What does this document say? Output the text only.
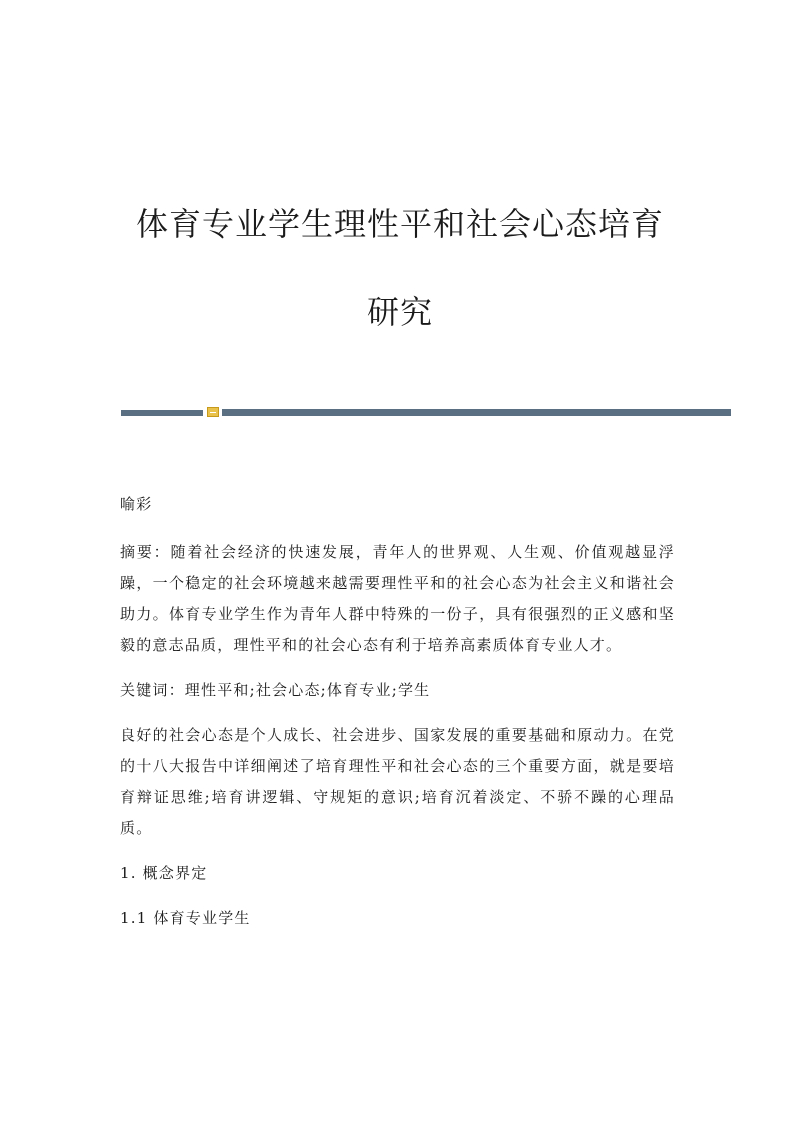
体育专业学生理性平和社会心态培育研究

喻彩

摘要：随着社会经济的快速发展，青年人的世界观、人生观、价值观越显浮躁，一个稳定的社会环境越来越需要理性平和的社会心态为社会主义和谐社会助力。体育专业学生作为青年人群中特殊的一份子，具有很强烈的正义感和坚毅的意志品质，理性平和的社会心态有利于培养高素质体育专业人才。

关键词：理性平和;社会心态;体育专业;学生

良好的社会心态是个人成长、社会进步、国家发展的重要基础和原动力。在党的十八大报告中详细阐述了培育理性平和社会心态的三个重要方面，就是要培育辩证思维;培育讲逻辑、守规矩的意识;培育沉着淡定、不骄不躁的心理品质。

1. 概念界定

1.1 体育专业学生
